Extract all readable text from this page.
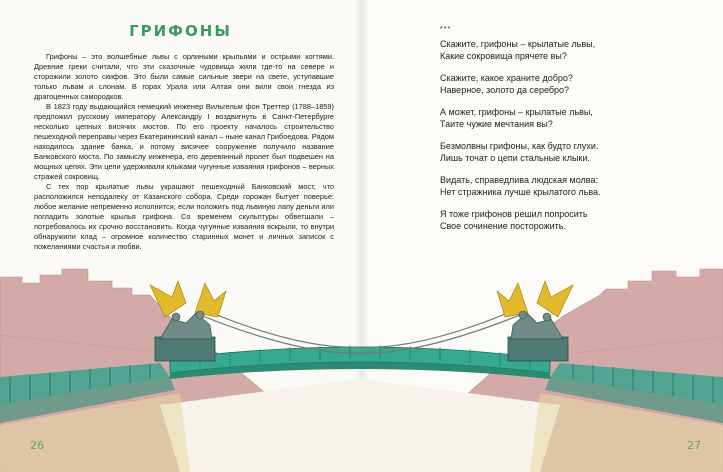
ГРИФОНЫ

Грифоны – это волшебные львы с орлиными крыльями и острыми когтями. Древние греки считали, что эти сказочные чудовища жили где-то на севере и сторожили золото скифов. Это были самые сильные звери на свете, уступавшие только львам и слонам. В горах Урала или Алтая они вили свои гнезда из драгоценных самородков.

В 1823 году выдающийся немецкий инженер Вильгельм фон Треттер (1788–1859) предложил русскому императору Александру I воздвигнуть в Санкт-Петербурге несколько цепных висячих мостов. По его проекту началось строительство пешеходной переправы через Екатерининский канал – ныне канал Грибоедова. Рядом находилось здание банка, и потому висячее сооружение получило название Банковского моста. По замыслу инженера, его деревянный пролет был подвешен на мощных цепях. Эти цепи удерживали клыками чугунные изваяния грифонов – верных стражей сокровищ.

С тех пор крылатые львы украшают пешеходный Банковский мост, что расположился неподалеку от Казанского собора. Среди горожан бытует поверье: любое желание непременно исполнится, если положить под львиную лапу деньги или погладить золотые крылья грифона. Со временем скульптуры обветшали – потребовалось их срочно восстановить. Когда чугунные изваяния вскрыли, то внутри обнаружили клад – огромное количество старинных монет и личных записок с пожеланиями счастья и любви.

***
Скажите, грифоны – крылатые львы,
Какие сокровища прячете вы?
Скажите, какое храните добро?
Наверное, золото да серебро?
А может, грифоны – крылатые львы,
Таите чужие мечтания вы?
Безмолвны грифоны, как будто глухи.
Лишь точат о цепи стальные клыки.
Видать, справедлива людская молва:
Нет стражника лучше крылатого льва.
Я тоже грифонов решил попросить
Свое сочинение посторожить.
26	27
